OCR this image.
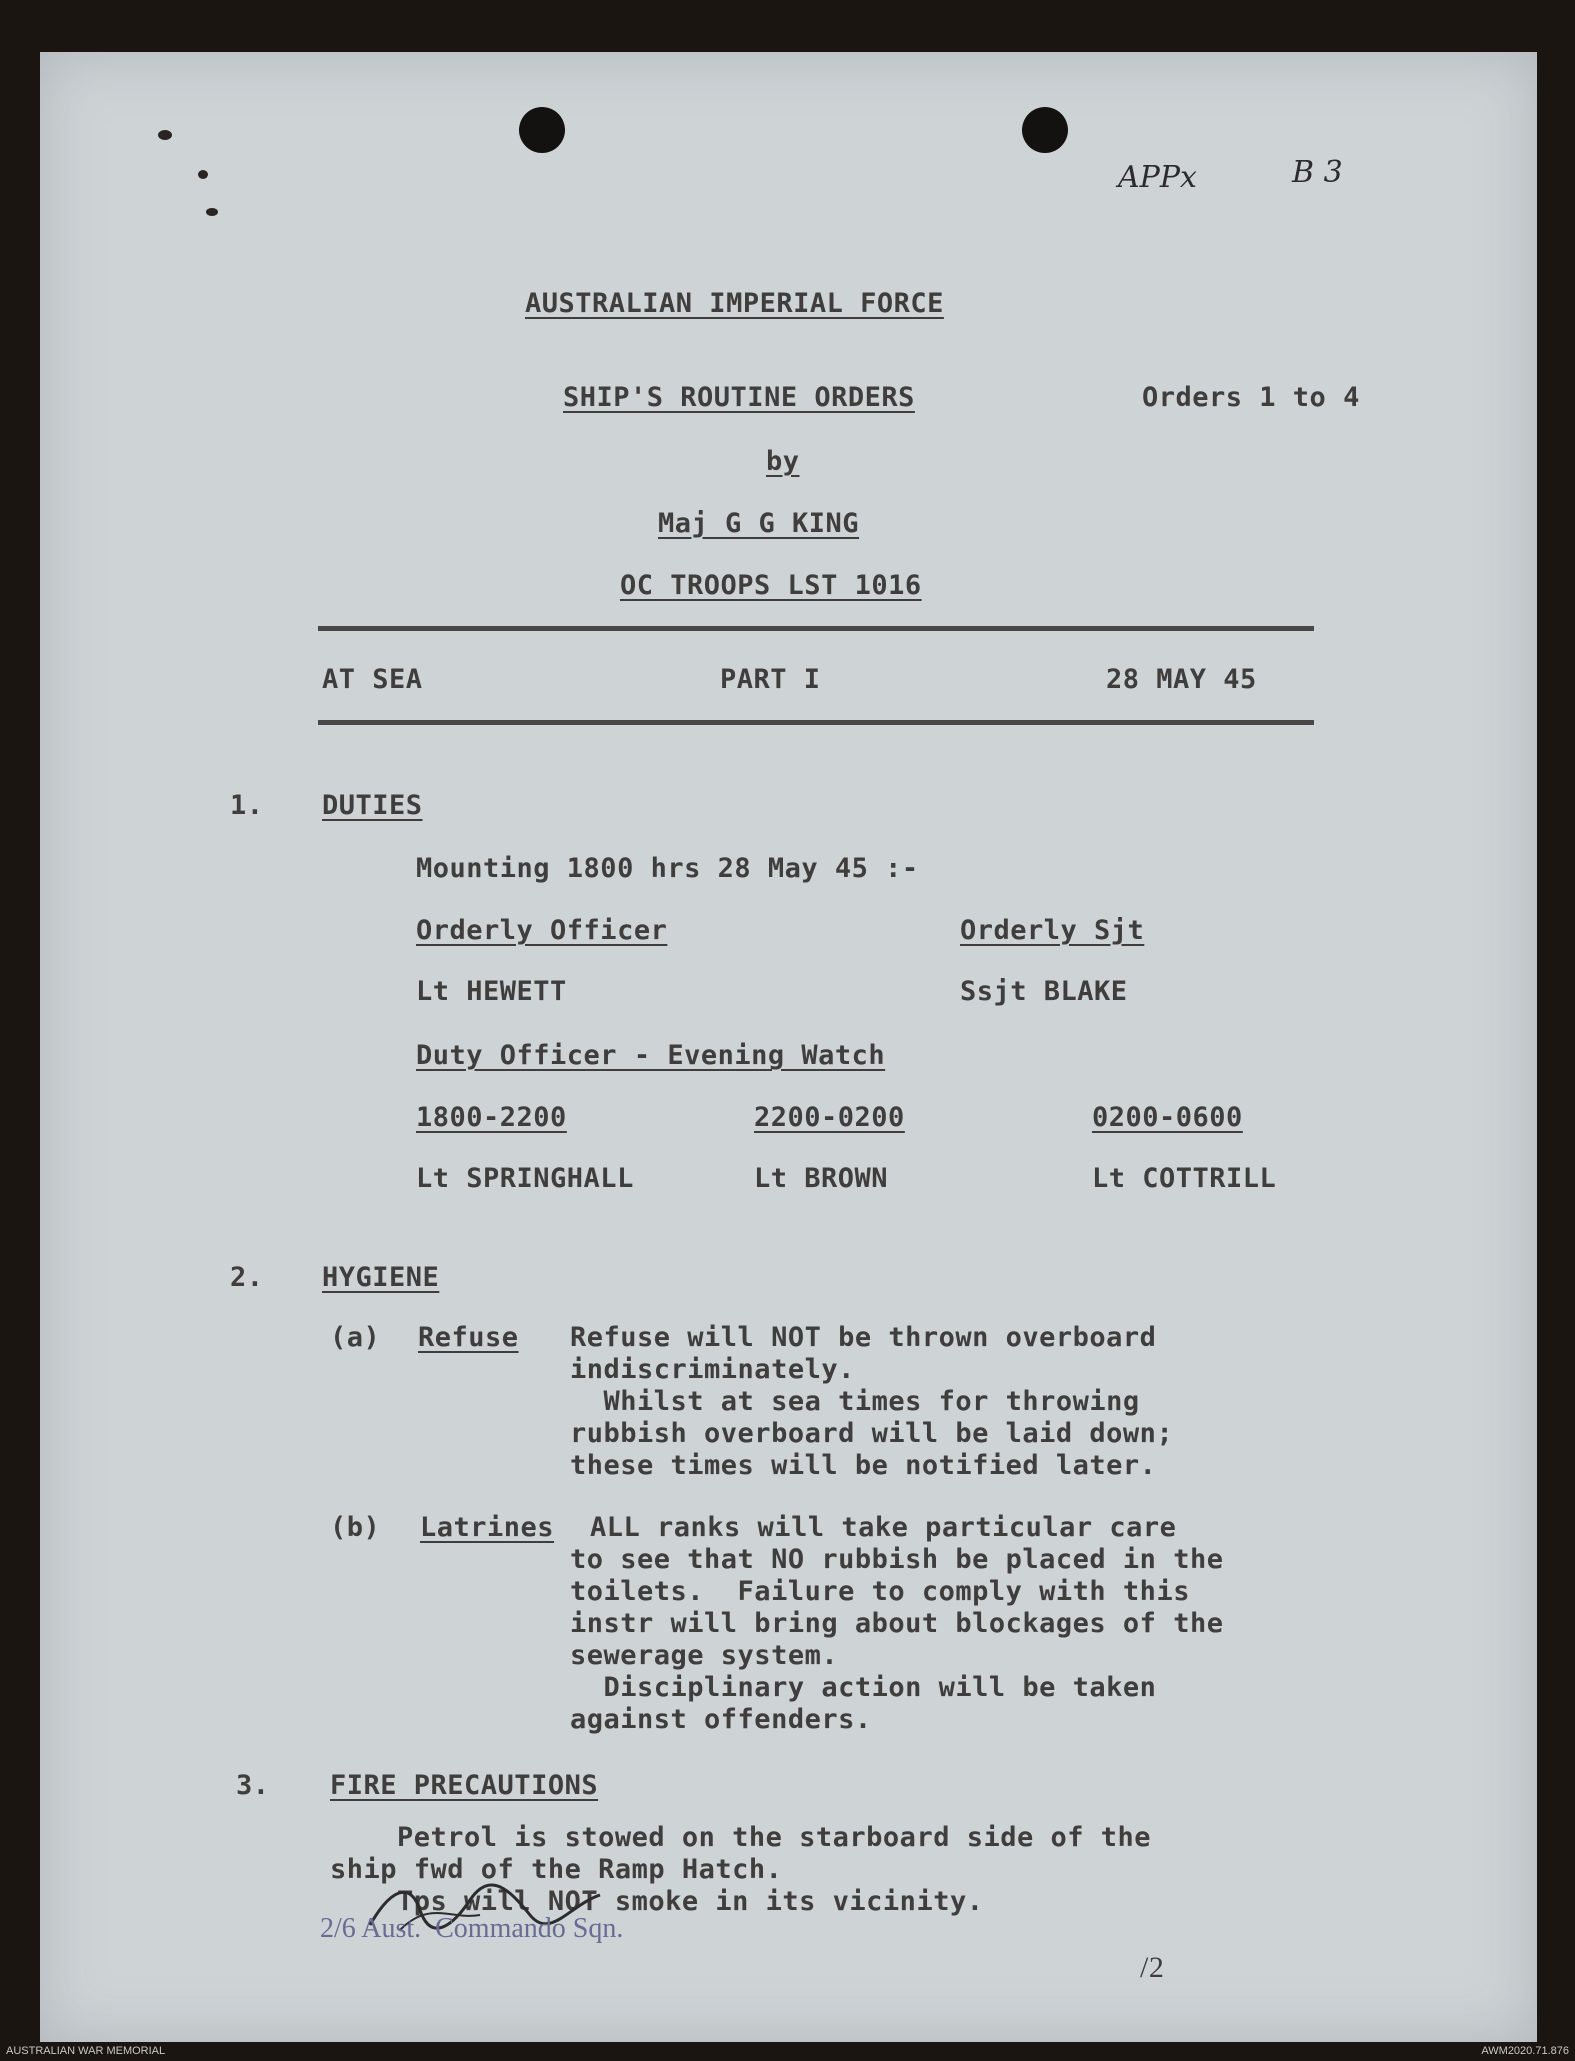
APPx	B 3
AUSTRALIAN IMPERIAL FORCE
SHIP'S ROUTINE ORDERS	Orders 1 to 4
by
Maj G G KING
OC TROOPS LST 1016
AT SEA	PART I	28 MAY 45
1. DUTIES
Mounting 1800 hrs 28 May 45 :-
Orderly Officer	Orderly Sjt
Lt HEWETT	Ssjt BLAKE
Duty Officer - Evening Watch
1800-2200	2200-0200	0200-0600
Lt SPRINGHALL	Lt BROWN	Lt COTTRILL
2. HYGIENE
(a) Refuse Refuse will NOT be thrown overboard
indiscriminately.
Whilst at sea times for throwing
rubbish overboard will be laid down;
these times will be notified later.
(b) Latrines ALL ranks will take particular care
to see that NO rubbish be placed in the
toilets.  Failure to comply with this
instr will bring about blockages of the
sewerage system.
Disciplinary action will be taken
against offenders.
3. FIRE PRECAUTIONS
Petrol is stowed on the starboard side of the
ship fwd of the Ramp Hatch.
Tps will NOT smoke in its vicinity.
2/6 Aust.  Commando Sqn.
/2
AUSTRALIAN WAR MEMORIAL	AWM2020.71.876
